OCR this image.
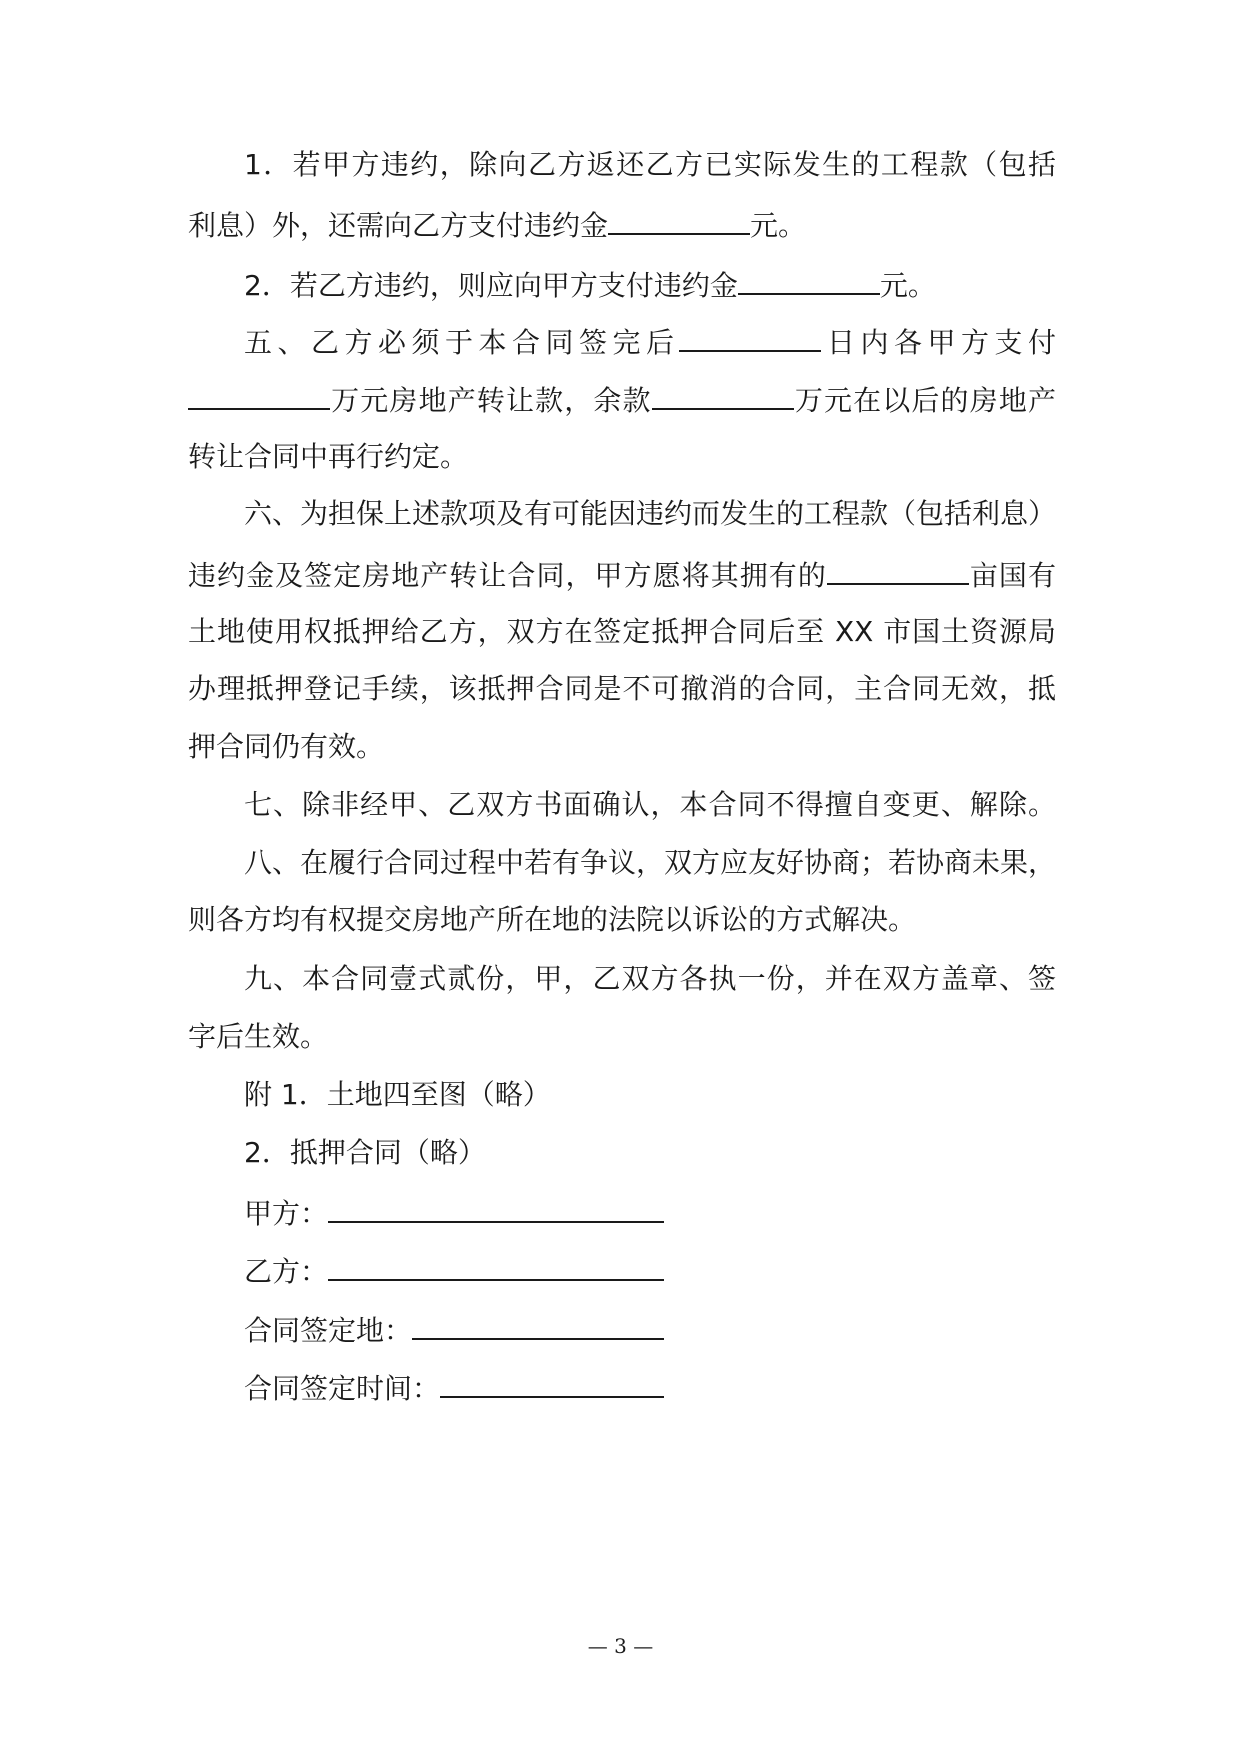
1．若甲方违约，除向乙方返还乙方已实际发生的工程款（包括
利息）外，还需向乙方支付违约金	元。
2．若乙方违约，则应向甲方支付违约金	元。
五、乙方必须于本合同签完后	日内各甲方支付
万元房地产转让款，余款	万元在以后的房地产
转让合同中再行约定。
六、为担保上述款项及有可能因违约而发生的工程款（包括利息）
违约金及签定房地产转让合同，甲方愿将其拥有的	亩国有
土地使用权抵押给乙方，双方在签定抵押合同后至 XX 市国土资源局
办理抵押登记手续，该抵押合同是不可撤消的合同，主合同无效，抵
押合同仍有效。
七、除非经甲、乙双方书面确认，本合同不得擅自变更、解除。
八、在履行合同过程中若有争议，双方应友好协商；若协商未果，
则各方均有权提交房地产所在地的法院以诉讼的方式解决。
九、本合同壹式贰份，甲，乙双方各执一份，并在双方盖章、签
字后生效。
附 1．土地四至图（略）
2．抵押合同（略）
甲方：
乙方：
合同签定地：
合同签定时间：
— 3 —
